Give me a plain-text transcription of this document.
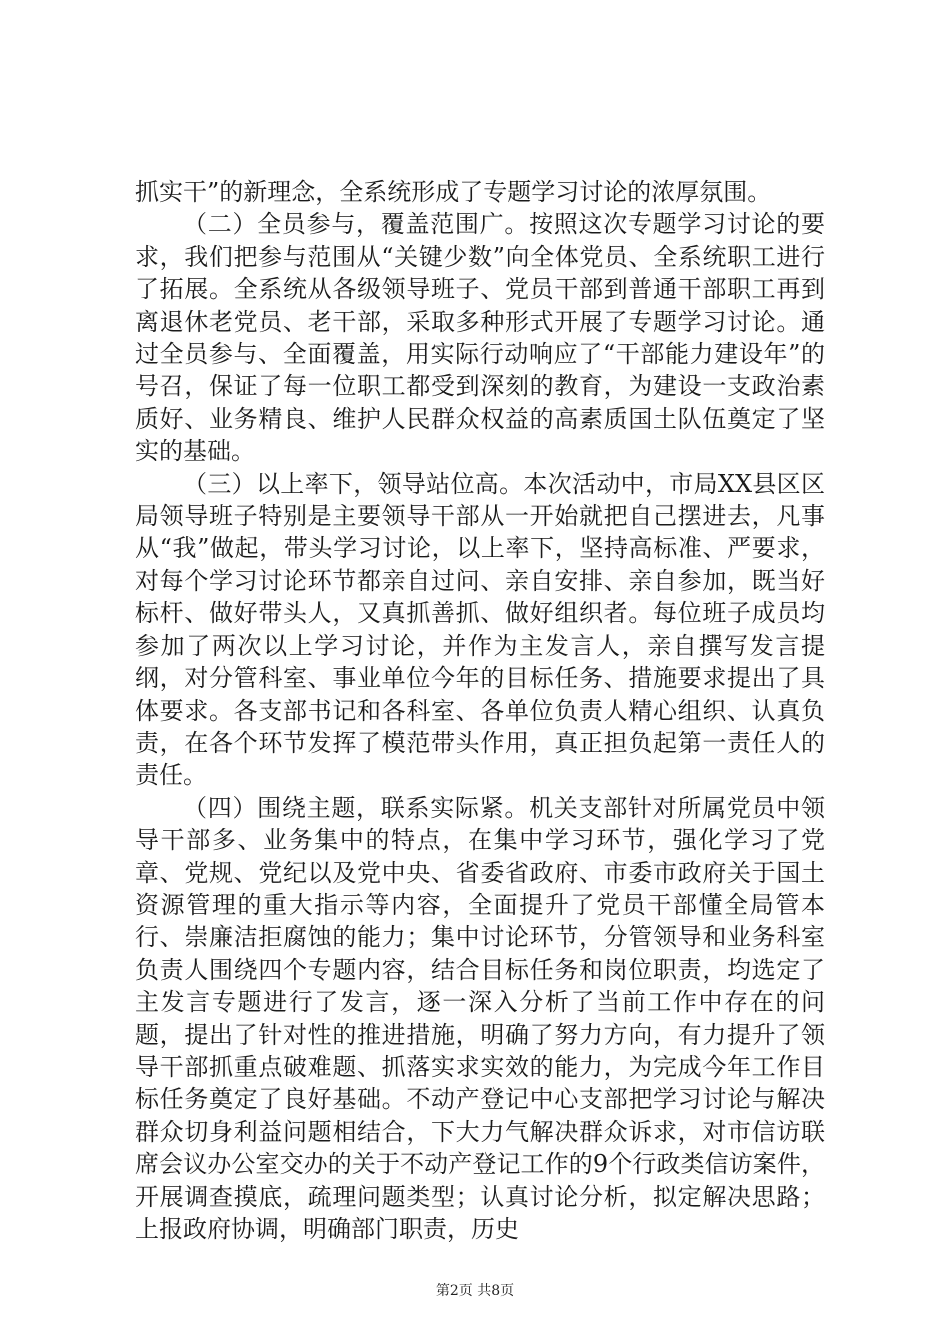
抓实干”的新理念，全系统形成了专题学习讨论的浓厚氛围。

（二）全员参与，覆盖范围广。按照这次专题学习讨论的要求，我们把参与范围从“关键少数”向全体党员、全系统职工进行了拓展。全系统从各级领导班子、党员干部到普通干部职工再到离退休老党员、老干部，采取多种形式开展了专题学习讨论。通过全员参与、全面覆盖，用实际行动响应了“干部能力建设年”的号召，保证了每一位职工都受到深刻的教育，为建设一支政治素质好、业务精良、维护人民群众权益的高素质国土队伍奠定了坚实的基础。

（三）以上率下，领导站位高。本次活动中，市局XX县区区局领导班子特别是主要领导干部从一开始就把自己摆进去，凡事从“我”做起，带头学习讨论，以上率下，坚持高标准、严要求，对每个学习讨论环节都亲自过问、亲自安排、亲自参加，既当好标杆、做好带头人，又真抓善抓、做好组织者。每位班子成员均参加了两次以上学习讨论，并作为主发言人，亲自撰写发言提纲，对分管科室、事业单位今年的目标任务、措施要求提出了具体要求。各支部书记和各科室、各单位负责人精心组织、认真负责，在各个环节发挥了模范带头作用，真正担负起第一责任人的责任。

（四）围绕主题，联系实际紧。机关支部针对所属党员中领导干部多、业务集中的特点，在集中学习环节，强化学习了党章、党规、党纪以及党中央、省委省政府、市委市政府关于国土资源管理的重大指示等内容，全面提升了党员干部懂全局管本行、崇廉洁拒腐蚀的能力；集中讨论环节，分管领导和业务科室负责人围绕四个专题内容，结合目标任务和岗位职责，均选定了主发言专题进行了发言，逐一深入分析了当前工作中存在的问题，提出了针对性的推进措施，明确了努力方向，有力提升了领导干部抓重点破难题、抓落实求实效的能力，为完成今年工作目标任务奠定了良好基础。不动产登记中心支部把学习讨论与解决群众切身利益问题相结合，下大力气解决群众诉求，对市信访联席会议办公室交办的关于不动产登记工作的9个行政类信访案件，开展调查摸底，疏理问题类型；认真讨论分析，拟定解决思路；上报政府协调，明确部门职责，历史

第2页 共8页
